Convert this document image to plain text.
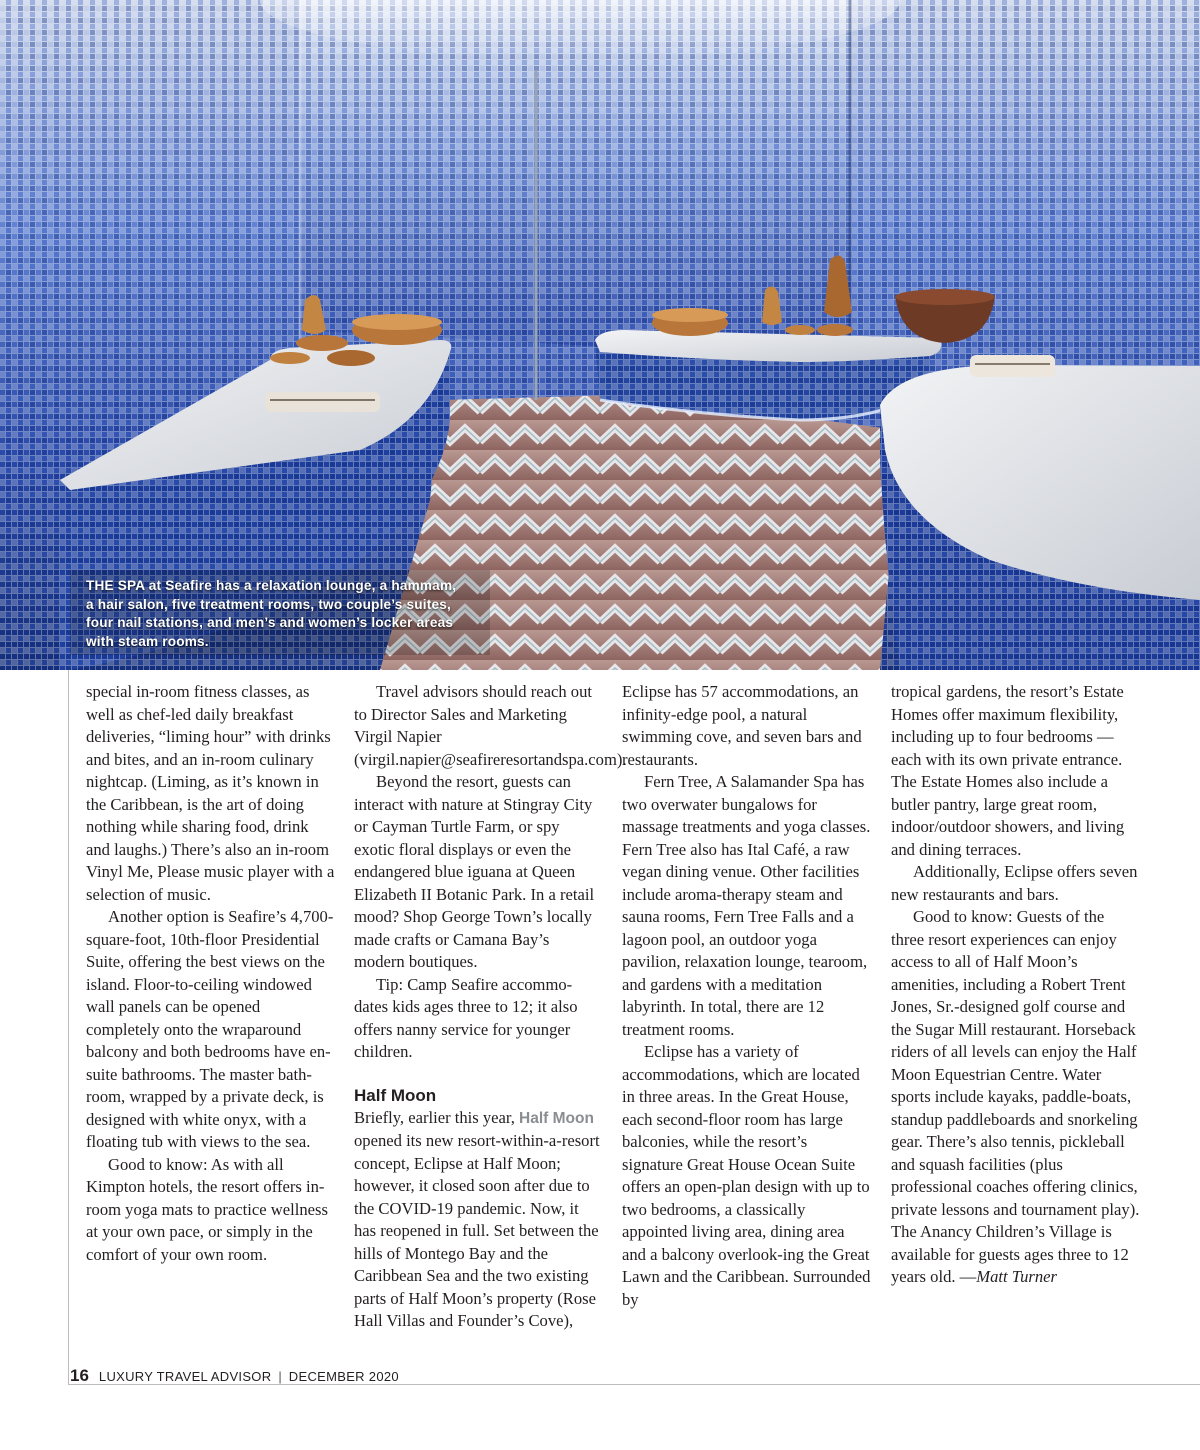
THE SPA at Seafire has a relaxation lounge, a hammam, a hair salon, five treatment rooms, two couple’s suites, four nail stations, and men’s and women’s locker areas with steam rooms.

special in-room fitness classes, as well as chef-led daily breakfast deliveries, “liming hour” with drinks and bites, and an in-room culinary nightcap. (Liming, as it’s known in the Caribbean, is the art of doing nothing while sharing food, drink and laughs.) There’s also an in-room Vinyl Me, Please music player with a selection of music.

Another option is Seafire’s 4,700-square-foot, 10th-floor Presidential Suite, offering the best views on the island. Floor-to-ceiling windowed wall panels can be opened completely onto the wraparound balcony and both bedrooms have en-suite bathrooms. The master bath-room, wrapped by a private deck, is designed with white onyx, with a floating tub with views to the sea.

Good to know: As with all Kimpton hotels, the resort offers in-room yoga mats to practice wellness at your own pace, or simply in the comfort of your own room.

Travel advisors should reach out to Director Sales and Marketing Virgil Napier (virgil.napier@seafireresortandspa.com).

Beyond the resort, guests can interact with nature at Stingray City or Cayman Turtle Farm, or spy exotic floral displays or even the endangered blue iguana at Queen Elizabeth II Botanic Park. In a retail mood? Shop George Town’s locally made crafts or Camana Bay’s modern boutiques.

Tip: Camp Seafire accommo-dates kids ages three to 12; it also offers nanny service for younger children.

Half Moon

Briefly, earlier this year, Half Moon opened its new resort-within-a-resort concept, Eclipse at Half Moon; however, it closed soon after due to the COVID-19 pandemic. Now, it has reopened in full. Set between the hills of Montego Bay and the Caribbean Sea and the two existing parts of Half Moon’s property (Rose Hall Villas and Founder’s Cove),

Eclipse has 57 accommodations, an infinity-edge pool, a natural swimming cove, and seven bars and restaurants.

Fern Tree, A Salamander Spa has two overwater bungalows for massage treatments and yoga classes. Fern Tree also has Ital Café, a raw vegan dining venue. Other facilities include aroma-therapy steam and sauna rooms, Fern Tree Falls and a lagoon pool, an outdoor yoga pavilion, relaxation lounge, tearoom, and gardens with a meditation labyrinth. In total, there are 12 treatment rooms.

Eclipse has a variety of accommodations, which are located in three areas. In the Great House, each second-floor room has large balconies, while the resort’s signature Great House Ocean Suite offers an open-plan design with up to two bedrooms, a classically appointed living area, dining area and a balcony overlook-ing the Great Lawn and the Caribbean. Surrounded by

tropical gardens, the resort’s Estate Homes offer maximum flexibility, including up to four bedrooms — each with its own private entrance. The Estate Homes also include a butler pantry, large great room, indoor/outdoor showers, and living and dining terraces.

Additionally, Eclipse offers seven new restaurants and bars.

Good to know: Guests of the three resort experiences can enjoy access to all of Half Moon’s amenities, including a Robert Trent Jones, Sr.-designed golf course and the Sugar Mill restaurant. Horseback riders of all levels can enjoy the Half Moon Equestrian Centre. Water sports include kayaks, paddle-boats, standup paddleboards and snorkeling gear. There’s also tennis, pickleball and squash facilities (plus professional coaches offering clinics, private lessons and tournament play). The Anancy Children’s Village is available for guests ages three to 12 years old. —Matt Turner

16 LUXURY TRAVEL ADVISOR | DECEMBER 2020
